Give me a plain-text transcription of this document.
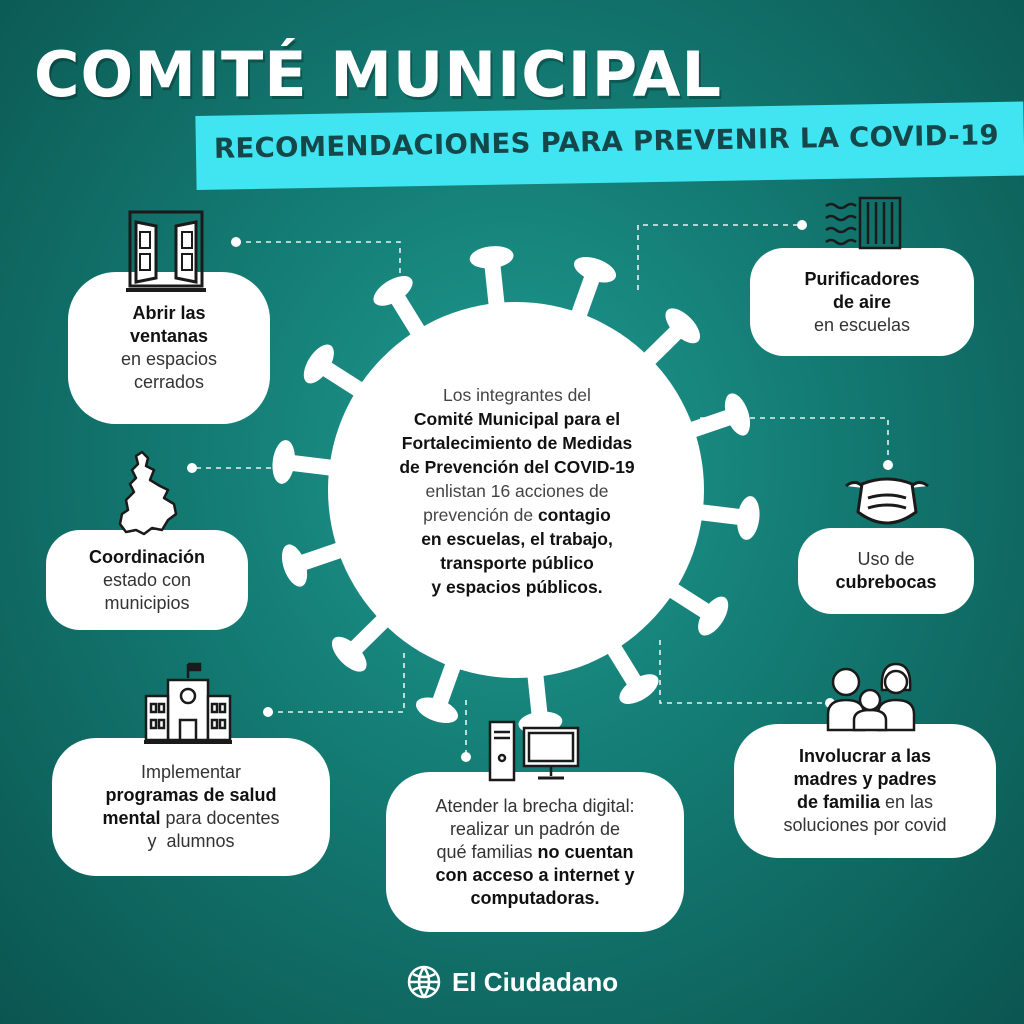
COMITÉ MUNICIPAL
RECOMENDACIONES PARA PREVENIR LA COVID-19
Los integrantes del
Comité Municipal para el
Fortalecimiento de Medidas
de Prevención del COVID-19
enlistan 16 acciones de
prevención de contagio
en escuelas, el trabajo,
transporte público
y espacios públicos.
Abrir las
ventanas
en espacios
cerrados
Purificadores
de aire
en escuelas
Coordinación
estado con
municipios
Uso de
cubrebocas
Implementar
programas de salud
mental para docentes
y  alumnos
Atender la brecha digital:
realizar un padrón de
qué familias no cuentan
con acceso a internet y
computadoras.
Involucrar a las
madres y padres
de familia en las
soluciones por covid
El Ciudadano
